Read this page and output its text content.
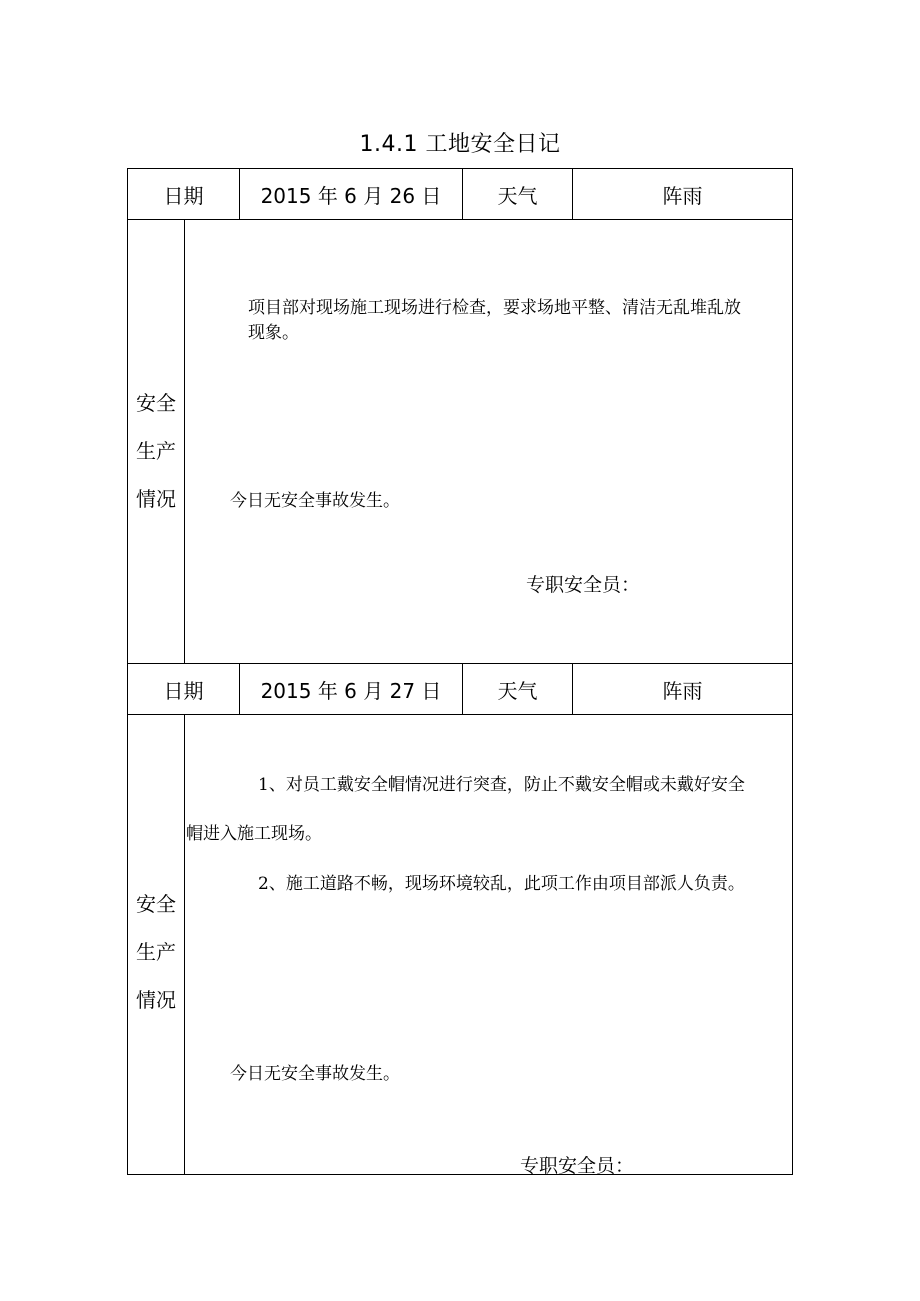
1.4.1 工地安全日记
日期	2015 年 6 月 26 日	天气	阵雨
安全
生产
情况
项目部对现场施工现场进行检查，要求场地平整、清洁无乱堆乱放
现象。
今日无安全事故发生。
专职安全员：
日期	2015 年 6 月 27 日	天气	阵雨
安全
生产
情况
1、对员工戴安全帽情况进行突查，防止不戴安全帽或未戴好安全
帽进入施工现场。
2、施工道路不畅，现场环境较乱，此项工作由项目部派人负责。
今日无安全事故发生。
专职安全员：
